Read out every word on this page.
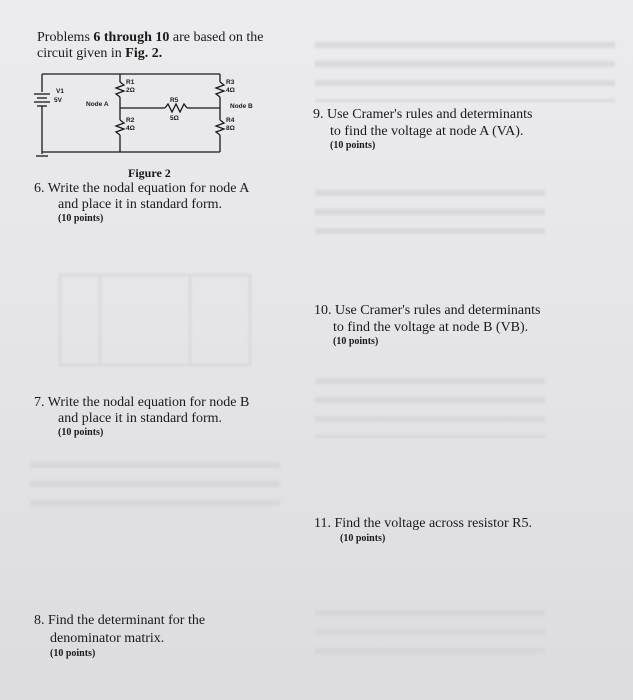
Problems 6 through 10 are based on the
circuit given in Fig. 2.
V1
5V
R1
2Ω
R5
5Ω
R2
4Ω
R3
4Ω
R4
8Ω
Node A	Node B
Figure 2
6. Write the nodal equation for node A
and place it in standard form.
(10 points)
7. Write the nodal equation for node B
and place it in standard form.
(10 points)
8. Find the determinant for the
denominator matrix.
(10 points)
9. Use Cramer's rules and determinants
to find the voltage at node A (VA).
(10 points)
10. Use Cramer's rules and determinants
to find the voltage at node B (VB).
(10 points)
11. Find the voltage across resistor R5.
(10 points)
